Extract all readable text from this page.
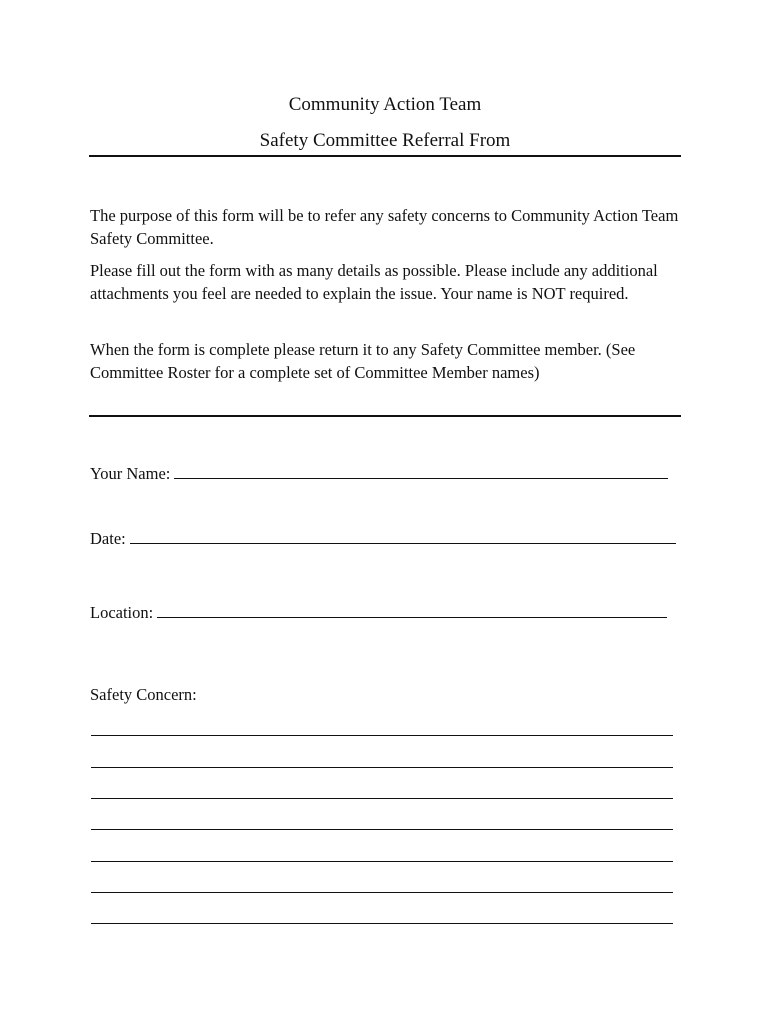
Community Action Team
Safety Committee Referral From

The purpose of this form will be to refer any safety concerns to Community Action Team Safety Committee.

Please fill out the form with as many details as possible. Please include any additional attachments you feel are needed to explain the issue. Your name is NOT required.

When the form is complete please return it to any Safety Committee member. (See Committee Roster for a complete set of Committee Member names)

Your Name:
Date:
Location:
Safety Concern:
